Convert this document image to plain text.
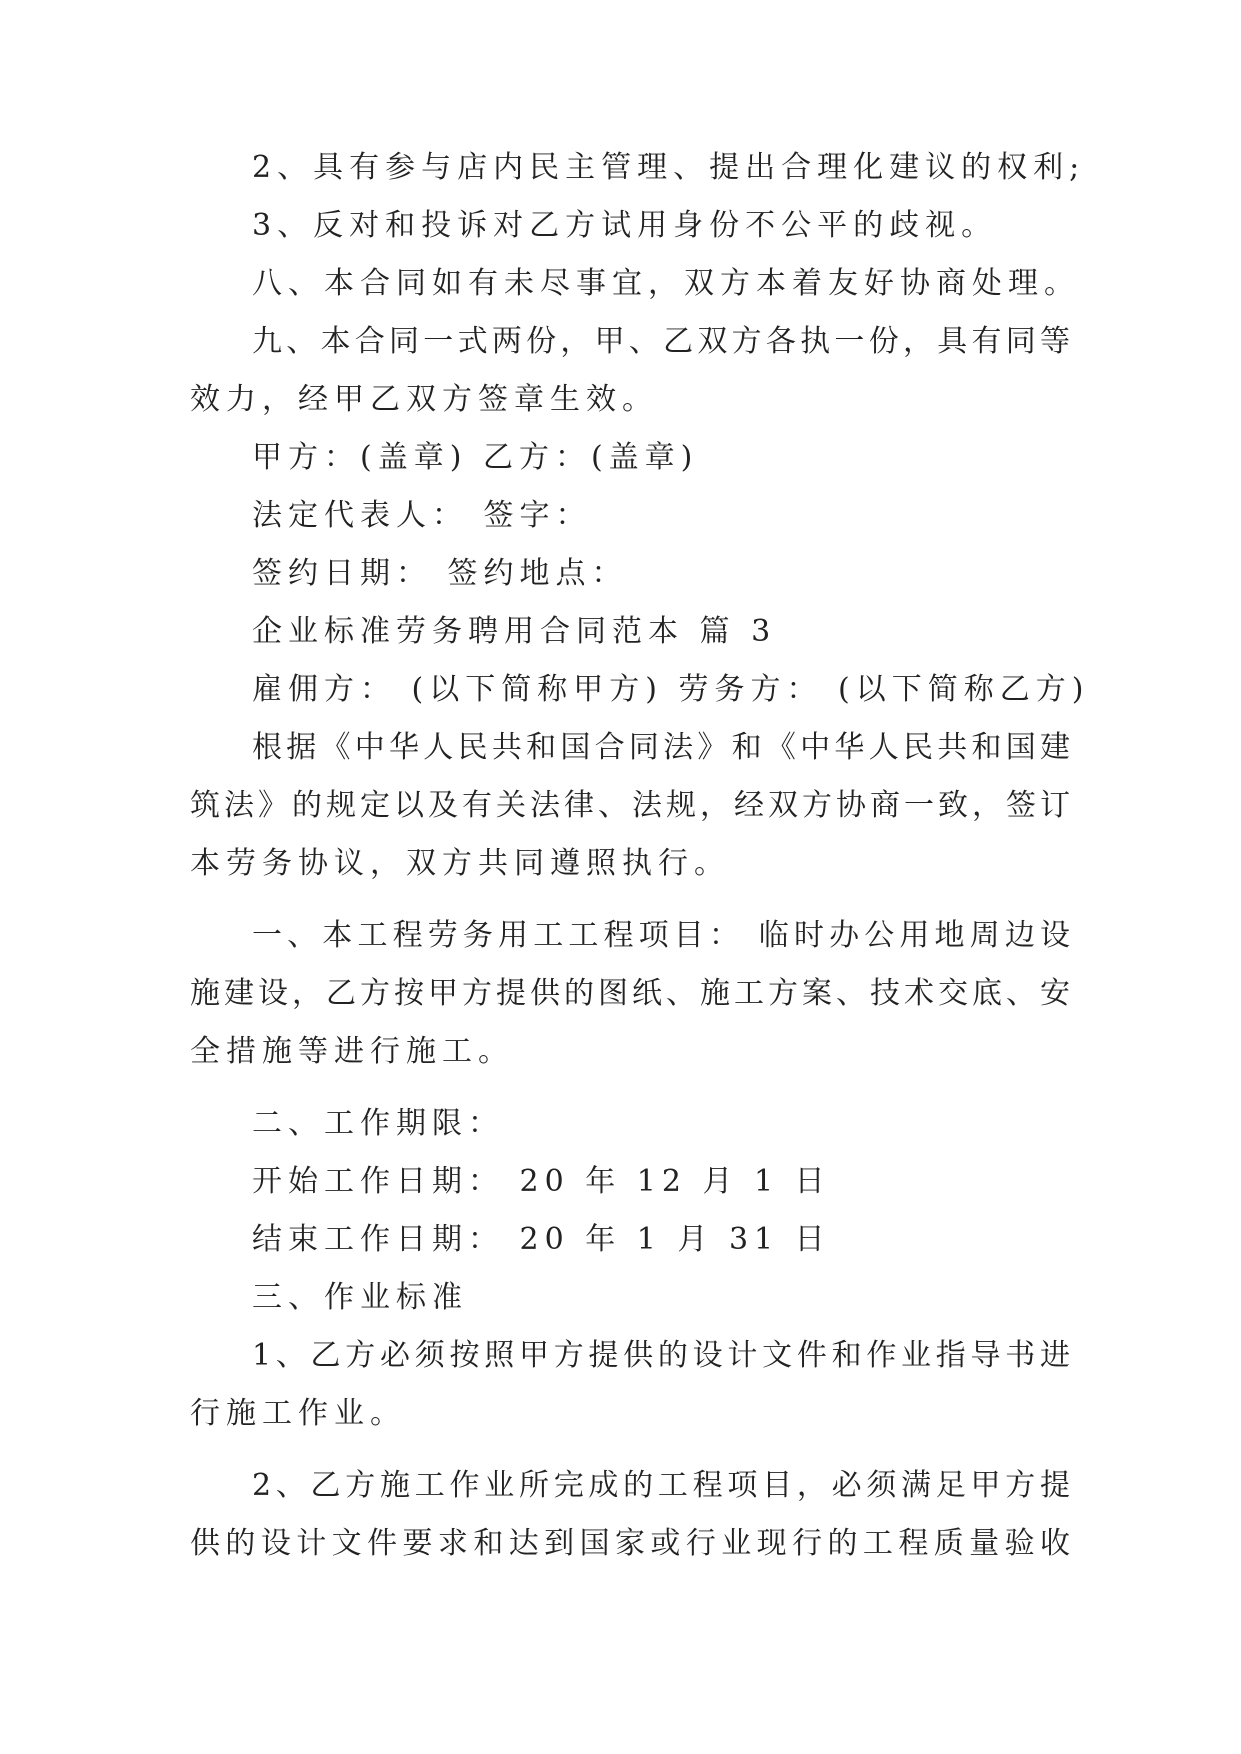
2、具有参与店内民主管理、提出合理化建议的权利;
3、反对和投诉对乙方试用身份不公平的歧视。
八、本合同如有未尽事宜，双方本着友好协商处理。
九、本合同一式两份，甲、乙双方各执一份，具有同等
效力，经甲乙双方签章生效。
甲方：(盖章) 乙方：(盖章)
法定代表人： 签字：
签约日期： 签约地点：
企业标准劳务聘用合同范本 篇 3
雇佣方： (以下简称甲方) 劳务方： (以下简称乙方)
根据《中华人民共和国合同法》和《中华人民共和国建
筑法》的规定以及有关法律、法规，经双方协商一致，签订
本劳务协议，双方共同遵照执行。
一、本工程劳务用工工程项目： 临时办公用地周边设
施建设，乙方按甲方提供的图纸、施工方案、技术交底、安
全措施等进行施工。
二、工作期限：
开始工作日期： 20 年 12 月 1 日
结束工作日期： 20 年 1 月 31 日
三、作业标准
1、乙方必须按照甲方提供的设计文件和作业指导书进
行施工作业。
2、乙方施工作业所完成的工程项目，必须满足甲方提
供的设计文件要求和达到国家或行业现行的工程质量验收
